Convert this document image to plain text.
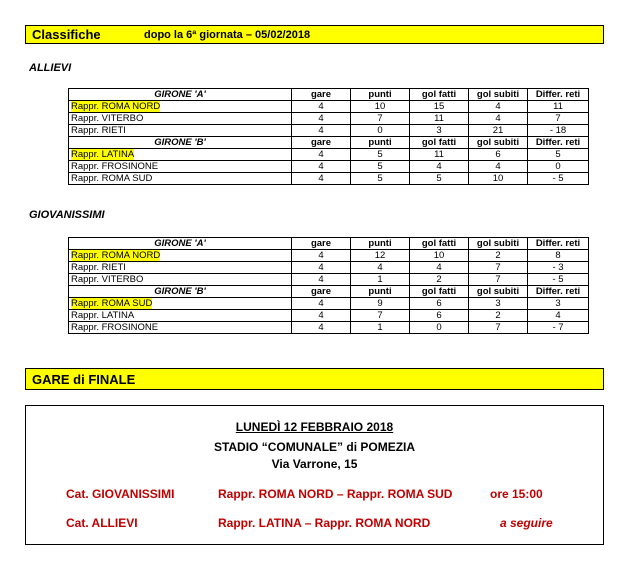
Classifiche	dopo la 6ª giornata – 05/02/2018
ALLIEVI
GIRONE 'A'	gare	punti	gol fatti	gol subiti	Differ. reti
Rappr. ROMA NORD	4	10	15	4	11
Rappr. VITERBO	4	7	11	4	7
Rappr. RIETI	4	0	3	21	- 18
GIRONE 'B'	gare	punti	gol fatti	gol subiti	Differ. reti
Rappr. LATINA	4	5	11	6	5
Rappr. FROSINONE	4	5	4	4	0
Rappr. ROMA SUD	4	5	5	10	- 5
GIOVANISSIMI
GIRONE 'A'	gare	punti	gol fatti	gol subiti	Differ. reti
Rappr. ROMA NORD	4	12	10	2	8
Rappr. RIETI	4	4	4	7	- 3
Rappr. VITERBO	4	1	2	7	- 5
GIRONE 'B'	gare	punti	gol fatti	gol subiti	Differ. reti
Rappr. ROMA SUD	4	9	6	3	3
Rappr. LATINA	4	7	6	2	4
Rappr. FROSINONE	4	1	0	7	- 7
GARE di FINALE
LUNEDÌ 12 FEBBRAIO 2018
STADIO “COMUNALE” di POMEZIA
Via Varrone, 15
Cat. GIOVANISSIMI	Rappr. ROMA NORD – Rappr. ROMA SUD	ore 15:00
Cat. ALLIEVI	Rappr. LATINA – Rappr. ROMA NORD	a seguire
